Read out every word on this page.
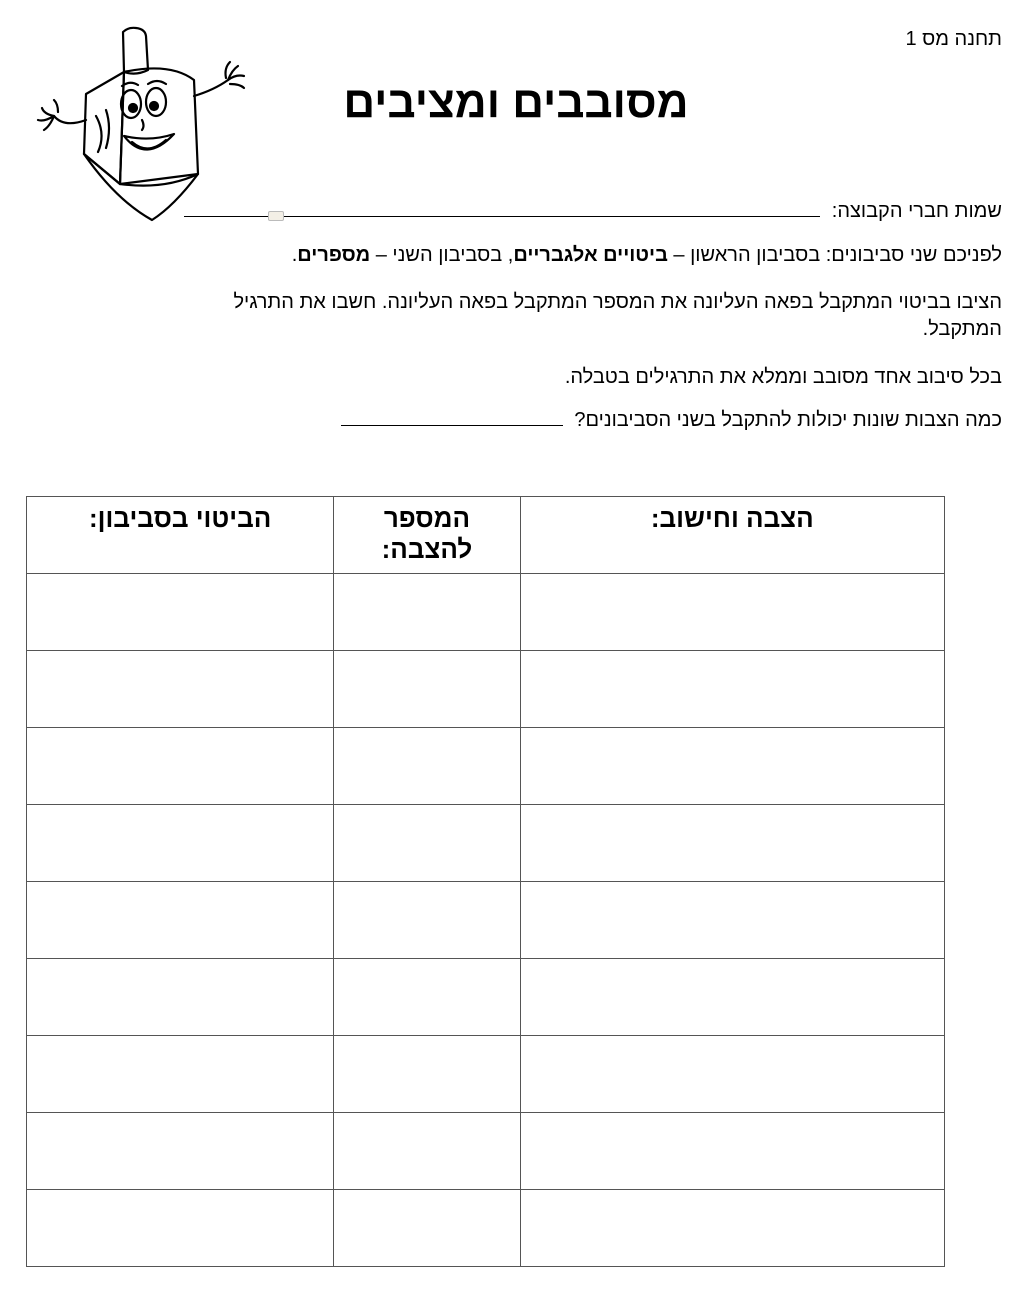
תחנה מס 1
מסובבים ומציבים
שמות חברי הקבוצה:
לפניכם שני סביבונים: בסביבון הראשון – ביטויים אלגבריים, בסביבון השני – מספרים.
הציבו בביטוי המתקבל בפאה העליונה את המספר המתקבל בפאה העליונה. חשבו את התרגיל
המתקבל.
בכל סיבוב אחד מסובב וממלא את התרגילים בטבלה.
כמה הצבות שונות יכולות להתקבל בשני הסביבונים?
הצבה וחישוב:	המספר להצבה:	הביטוי בסביבון:
